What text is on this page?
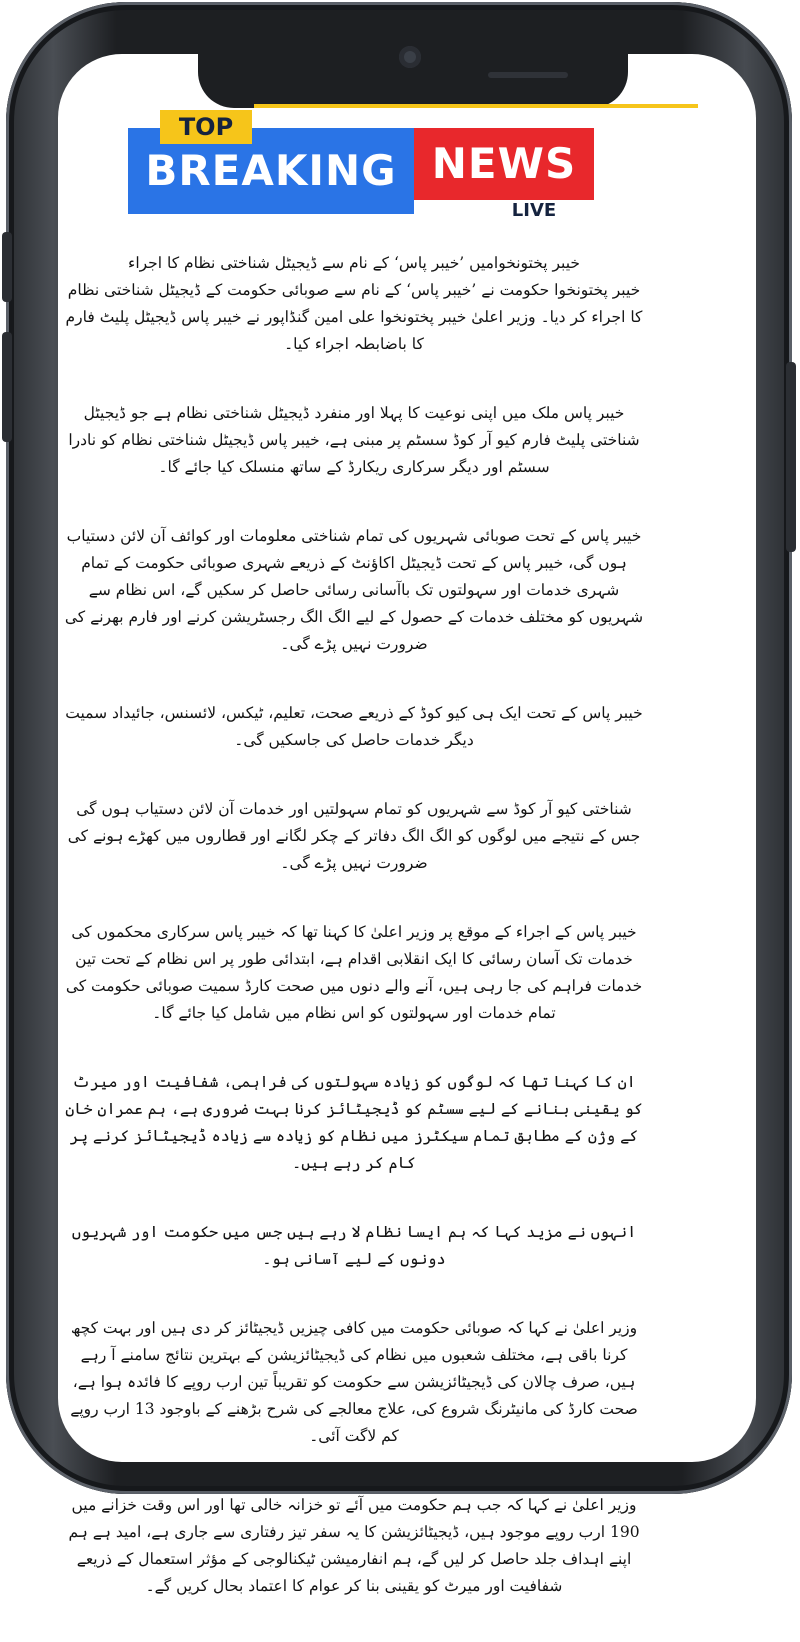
BREAKING NEWS
TOP
LIVE

خیبر پختونخوامیں ’خیبر پاس‘ کے نام سے ڈیجیٹل شناختی نظام کا اجراء

خیبر پختونخوا حکومت نے ’خیبر پاس‘ کے نام سے صوبائی حکومت کے ڈیجیٹل شناختی نظام کا اجراء کر دیا۔ وزیر اعلیٰ خیبر پختونخوا علی امین گنڈاپور نے خیبر پاس ڈیجیٹل پلیٹ فارم کا باضابطہ اجراء کیا۔

خیبر پاس ملک میں اپنی نوعیت کا پہلا اور منفرد ڈیجیٹل شناختی نظام ہے جو ڈیجیٹل شناختی پلیٹ فارم کیو آر کوڈ سسٹم پر مبنی ہے، خیبر پاس ڈیجیٹل شناختی نظام کو نادرا سسٹم اور دیگر سرکاری ریکارڈ کے ساتھ منسلک کیا جائے گا۔

خیبر پاس کے تحت صوبائی شہریوں کی تمام شناختی معلومات اور کوائف آن لائن دستیاب ہوں گی، خیبر پاس کے تحت ڈیجیٹل اکاؤنٹ کے ذریعے شہری صوبائی حکومت کے تمام شہری خدمات اور سہولتوں تک باآسانی رسائی حاصل کر سکیں گے، اس نظام سے شہریوں کو مختلف خدمات کے حصول کے لیے الگ الگ رجسٹریشن کرنے اور فارم بھرنے کی ضرورت نہیں پڑے گی۔

خیبر پاس کے تحت ایک ہی کیو کوڈ کے ذریعے صحت، تعلیم، ٹیکس، لائسنس، جائیداد سمیت دیگر خدمات حاصل کی جاسکیں گی۔

شناختی کیو آر کوڈ سے شہریوں کو تمام سہولتیں اور خدمات آن لائن دستیاب ہوں گی جس کے نتیجے میں لوگوں کو الگ الگ دفاتر کے چکر لگانے اور قطاروں میں کھڑے ہونے کی ضرورت نہیں پڑے گی۔

خیبر پاس کے اجراء کے موقع پر وزیر اعلیٰ کا کہنا تھا کہ خیبر پاس سرکاری محکموں کی خدمات تک آسان رسائی کا ایک انقلابی اقدام ہے، ابتدائی طور پر اس نظام کے تحت تین خدمات فراہم کی جا رہی ہیں، آنے والے دنوں میں صحت کارڈ سمیت صوبائی حکومت کی تمام خدمات اور سہولتوں کو اس نظام میں شامل کیا جائے گا۔

ان کا کہنا تھا کہ لوگوں کو زیادہ سہولتوں کی فراہمی، شفافیت اور میرٹ کو یقینی بنانے کے لیے سسٹم کو ڈیجیٹائز کرنا بہت ضروری ہے، ہم عمران خان کے وژن کے مطابق تمام سیکٹرز میں نظام کو زیادہ سے زیادہ ڈیجیٹائز کرنے پر کام کر رہے ہیں۔

انہوں نے مزید کہا کہ ہم ایسا نظام لا رہے ہیں جس میں حکومت اور شہریوں دونوں کے لیے آسانی ہو۔

وزیر اعلیٰ نے کہا کہ صوبائی حکومت میں کافی چیزیں ڈیجیٹائز کر دی ہیں اور بہت کچھ کرنا باقی ہے، مختلف شعبوں میں نظام کی ڈیجیٹائزیشن کے بہترین نتائج سامنے آ رہے ہیں، صرف چالان کی ڈیجیٹائزیشن سے حکومت کو تقریباً تین ارب روپے کا فائدہ ہوا ہے، صحت کارڈ کی مانیٹرنگ شروع کی، علاج معالجے کی شرح بڑھنے کے باوجود 13 ارب روپے کم لاگت آئی۔

وزیر اعلیٰ نے کہا کہ جب ہم حکومت میں آئے تو خزانہ خالی تھا اور اس وقت خزانے میں 190 ارب روپے موجود ہیں، ڈیجیٹائزیشن کا یہ سفر تیز رفتاری سے جاری ہے، امید ہے ہم اپنے اہداف جلد حاصل کر لیں گے، ہم انفارمیشن ٹیکنالوجی کے مؤثر استعمال کے ذریعے شفافیت اور میرٹ کو یقینی بنا کر عوام کا اعتماد بحال کریں گے۔
